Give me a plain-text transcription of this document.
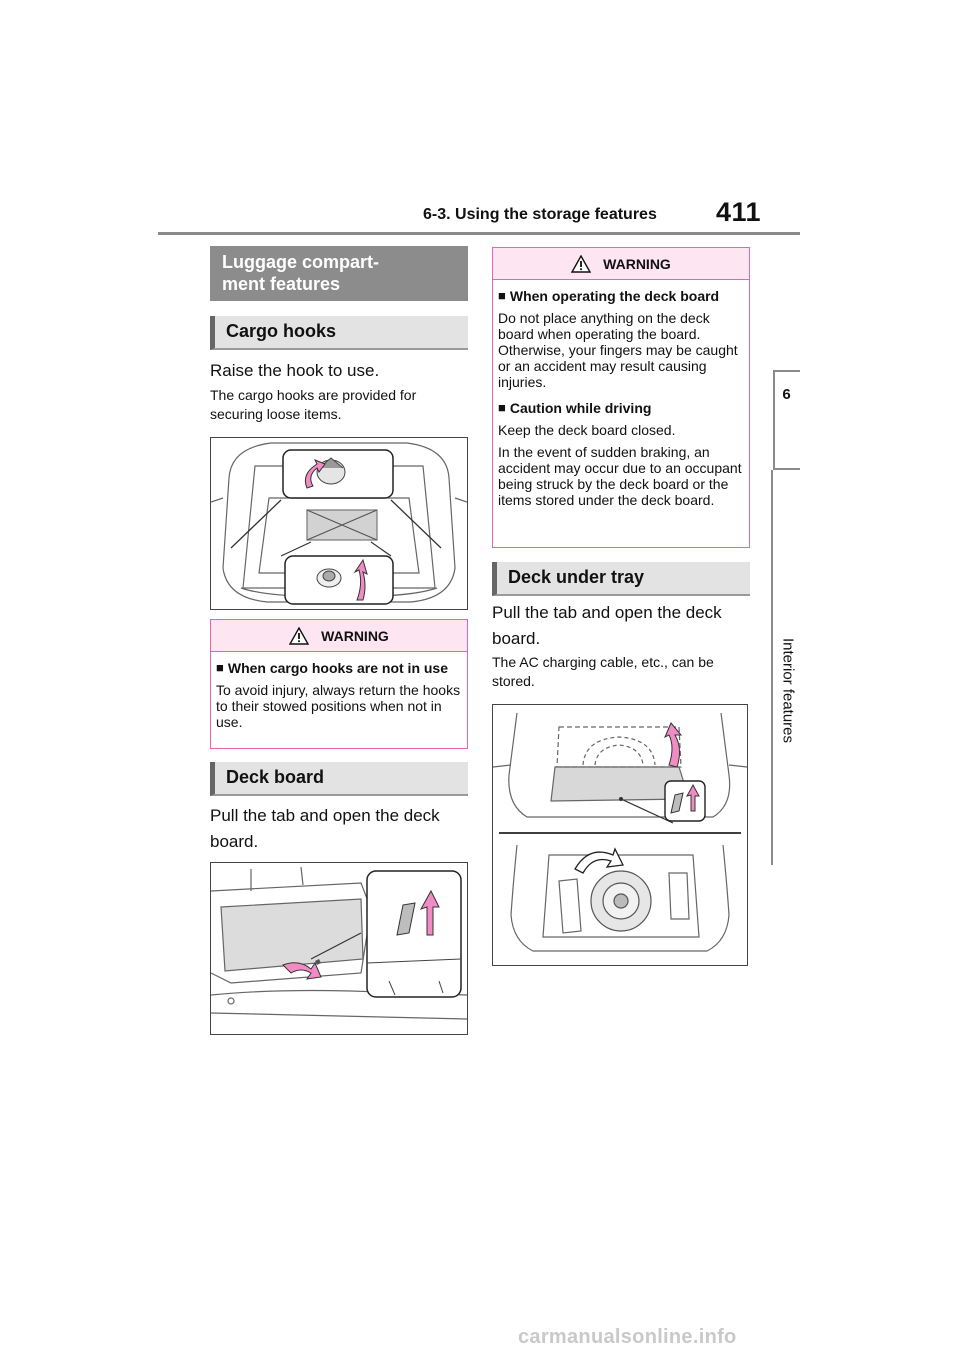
6-3. Using the storage features 411
6
Interior features
Luggage compart-
ment features
Cargo hooks
Raise the hook to use.
The cargo hooks are provided for securing loose items.
WARNING
■ When cargo hooks are not in use
To avoid injury, always return the hooks to their stowed positions when not in use.
Deck board
Pull the tab and open the deck board.
WARNING
■ When operating the deck board
Do not place anything on the deck board when operating the board. Otherwise, your fingers may be caught or an accident may result causing injuries.
■ Caution while driving
Keep the deck board closed.
In the event of sudden braking, an accident may occur due to an occupant being struck by the deck board or the items stored under the deck board.
Deck under tray
Pull the tab and open the deck board.
The AC charging cable, etc., can be stored.
carmanualsonline.info
